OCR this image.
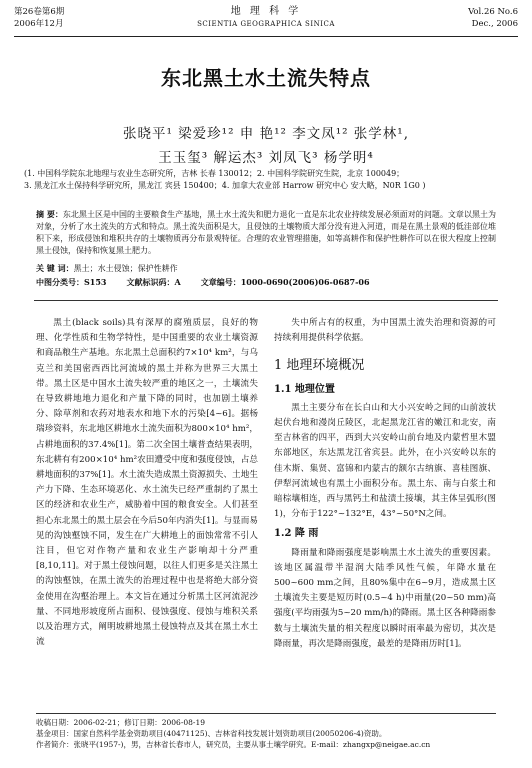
第26卷第6期
2006年12月
地 理 科 学
SCIENTIA GEOGRAPHICA SINICA
Vol.26 No.6
Dec., 2006
东北黑土水土流失特点
张晓平¹ 梁爱珍¹² 申 艳¹² 李文凤¹² 张学林¹,
王玉玺³ 解运杰³ 刘凤飞³ 杨学明⁴
(1. 中国科学院东北地理与农业生态研究所，吉林 长春 130012；2. 中国科学院研究生院，北京 100049；
3. 黑龙江水土保持科学研究所，黑龙江 宾县 150400；4. 加拿大农业部 Harrow 研究中心 安大略，N0R 1G0 )
摘 要：东北黑土区是中国的主要粮食生产基地，黑土水土流失和肥力退化一直是东北农业持续发展必须面对的问题。文章以黑土为对象，分析了水土流失的方式和特点。黑土流失面积是大，且侵蚀的土壤物质大部分没有进入河道，而是在黑土景观的低洼部位堆积下来，形成侵蚀和堆积共存的土壤物质再分布景观特征。合理的农业管理措施，如等高耕作和保护性耕作可以在很大程度上控制黑土侵蚀，保持和恢复黑土肥力。
关 键 词：黑土；水土侵蚀；保护性耕作
中图分类号：S153	文献标识码：A	文章编号：1000-0690(2006)06-0687-06

黑土(black soils)具有深厚的腐殖质层，良好的物理、化学性质和生物学特性，是中国重要的农业土壤资源和商品粮生产基地。东北黑土总面积约7×10⁴ km²，与乌克兰和美国密西西比河流域的黑土并称为世界三大黑土带。黑土区是中国水土流失较严重的地区之一，土壤流失在导致耕地地力退化和产量下降的同时，也加剧土壤养分、除草剂和农药对地表水和地下水的污染[4~6]。据杨瑞珍资料，东北地区耕地水土流失面积为800×10⁴ hm²，占耕地面积的37.4%[1]。第二次全国土壤普查结果表明，东北耕有有200×10⁴ hm²农田遭受中度和强度侵蚀，占总耕地面积的37%[1]。水土流失造成黑土资源损失、土地生产力下降、生态环境恶化、水土流失已经严重制约了黑土区的经济和农业生产，威胁着中国的粮食安全。人们甚至担心东北黑土的黑土层会在今后50年内消失[1]。与显而易见的沟蚀壑蚀不同，发生在广大耕地上的面蚀常常不引人注目，但它对作物产量和农业生产影响却十分严重[8,10,11]。对于黑土侵蚀问题，以往人们更多是关注黑土的沟蚀壑蚀，在黑土流失的治理过程中也是将绝大部分资金使用在沟壑治理上。本文旨在通过分析黑土区河流泥沙量、不同地形坡度所占面积、侵蚀强度、侵蚀与堆积关系以及治理方式，阐明坡耕地黑土侵蚀特点及其在黑土水土流

失中所占有的权重，为中国黑土流失治理和资源的可持续利用提供科学依据。

1 地理环境概况
1.1 地理位置

黑土主要分布在长白山和大小兴安岭之间的山前波状起伏台地和漫岗丘陵区，北起黑龙江省的嫩江和北安，南至吉林省的四平，西到大兴安岭山前台地及内蒙哲里木盟东部地区，东达黑龙江省宾县。此外，在小兴安岭以东的佳木斯、集贤、富锦和内蒙古的额尔古纳旗、喜桂图旗、伊犁河流域也有黑土小面积分布。黑土东、南与白浆土和暗棕壤相连，西与黑钙土和盐渍土接壤，其主体呈弧形(图1)，分布于122°~132°E，43°~50°N之间。

1.2 降 雨

降雨量和降雨强度是影响黑土水土流失的重要因素。该地区属温带半湿润大陆季风性气候，年降水量在500~600 mm之间，且80%集中在6~9月，造成黑土区土壤流失主要是短历时(0.5~4 h)中雨量(20~50 mm)高强度(平均雨强为5~20 mm/h)的降雨。黑土区各种降雨参数与土壤流失量的相关程度以瞬时雨率最为密切，其次是降雨量，再次是降雨强度，最差的是降雨历时[1]。

收稿日期：2006-02-21；修订日期：2006-08-19
基金项目：国家自然科学基金资助项目(40471125)、吉林省科技发展计划资助项目(20050206-4)资助。
作者简介：张晓平(1957-)，男，吉林省长春市人，研究员，主要从事土壤学研究。E-mail：zhangxp@neigae.ac.cn
